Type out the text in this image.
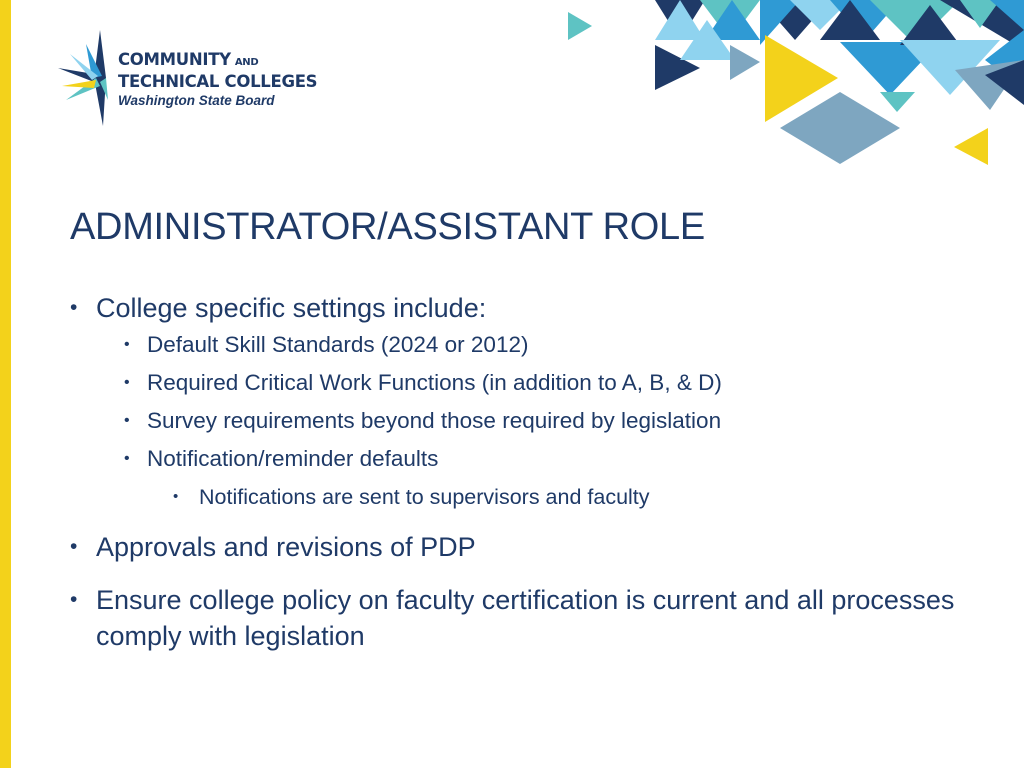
COMMUNITY AND
TECHNICAL COLLEGES
Washington State Board
ADMINISTRATOR/ASSISTANT ROLE
• College specific settings include:
• Default Skill Standards (2024 or 2012)
• Required Critical Work Functions (in addition to A, B, & D)
• Survey requirements beyond those required by legislation
• Notification/reminder defaults
• Notifications are sent to supervisors and faculty
• Approvals and revisions of PDP
• Ensure college policy on faculty certification is current and all processes comply with legislation
